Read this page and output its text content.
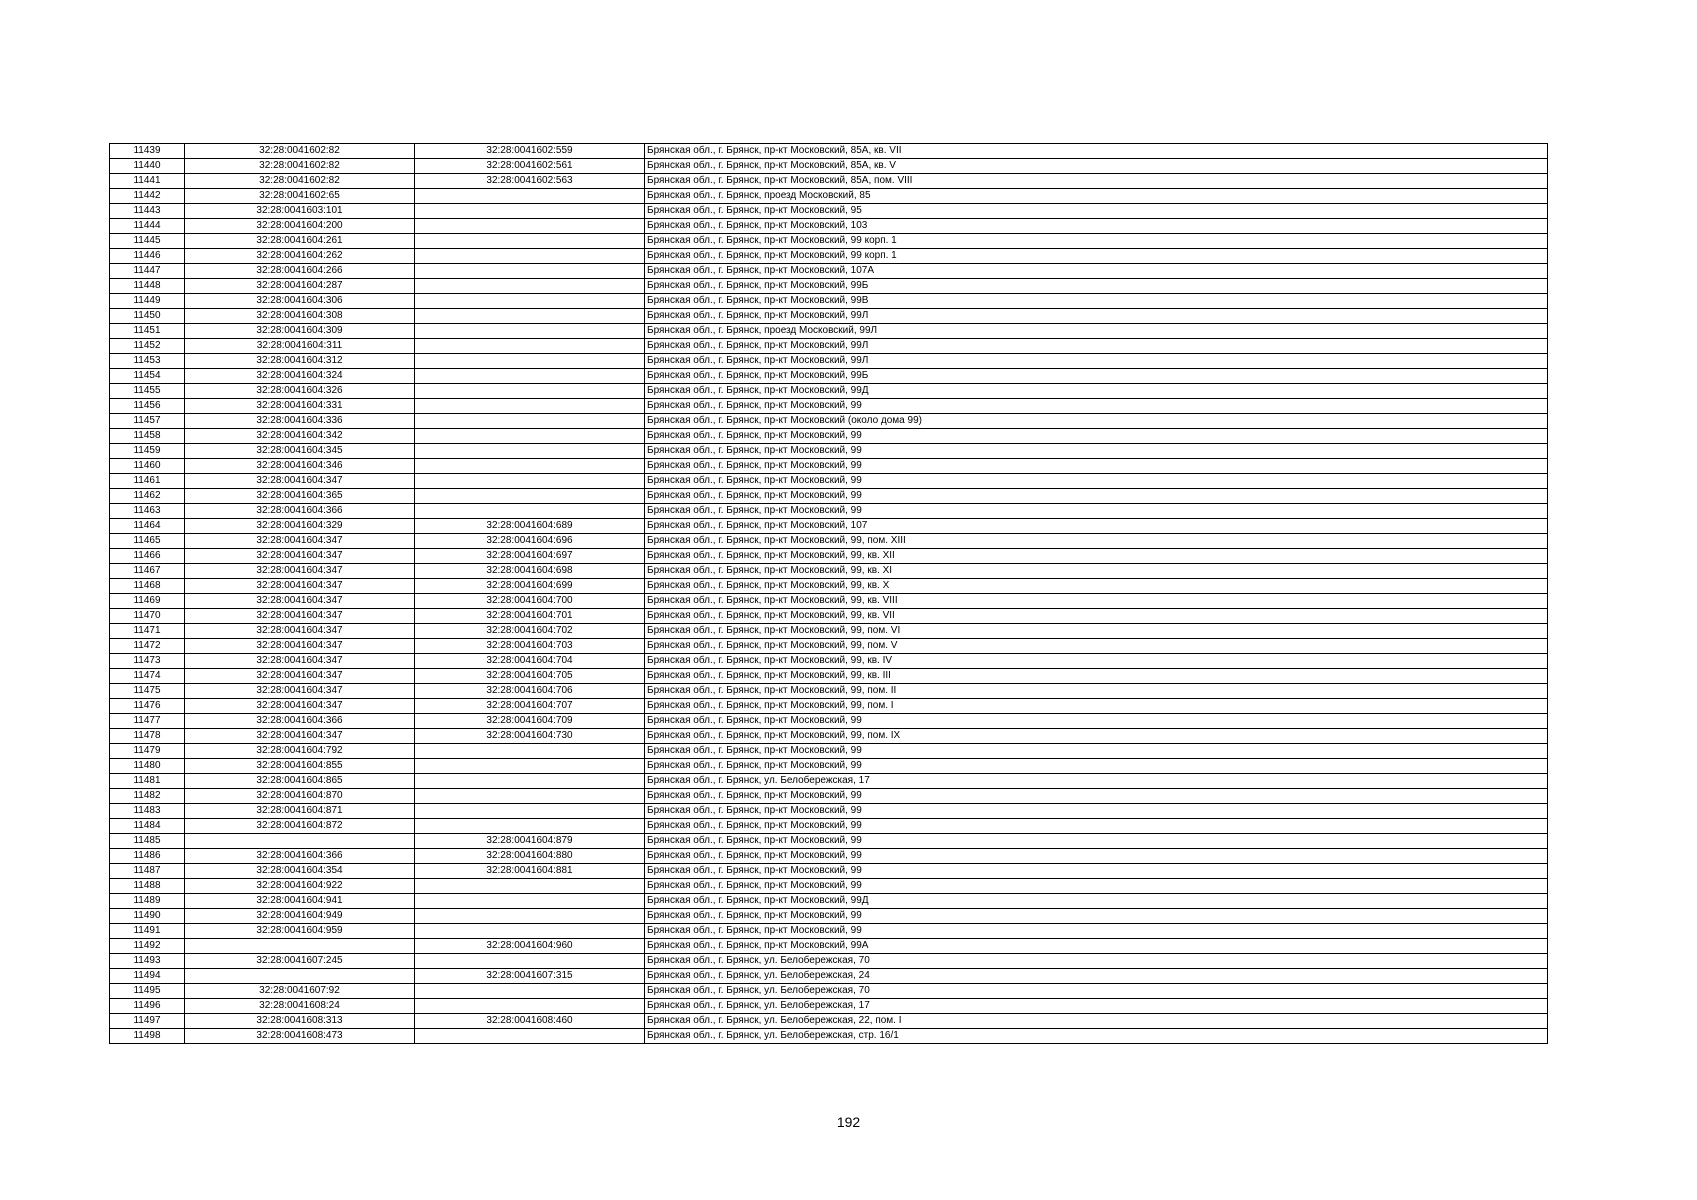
11439	32:28:0041602:82	32:28:0041602:559	Брянская обл., г. Брянск, пр-кт Московский, 85А, кв. VII
11440	32:28:0041602:82	32:28:0041602:561	Брянская обл., г. Брянск, пр-кт Московский, 85А, кв. V
11441	32:28:0041602:82	32:28:0041602:563	Брянская обл., г. Брянск, пр-кт Московский, 85А, пом. VIII
11442	32:28:0041602:65		Брянская обл., г. Брянск, проезд Московский, 85
11443	32:28:0041603:101		Брянская обл., г. Брянск, пр-кт Московский, 95
11444	32:28:0041604:200		Брянская обл., г. Брянск, пр-кт Московский, 103
11445	32:28:0041604:261		Брянская обл., г. Брянск, пр-кт Московский, 99 корп. 1
11446	32:28:0041604:262		Брянская обл., г. Брянск, пр-кт Московский, 99 корп. 1
11447	32:28:0041604:266		Брянская обл., г. Брянск, пр-кт Московский, 107А
11448	32:28:0041604:287		Брянская обл., г. Брянск, пр-кт Московский, 99Б
11449	32:28:0041604:306		Брянская обл., г. Брянск, пр-кт Московский, 99В
11450	32:28:0041604:308		Брянская обл., г. Брянск, пр-кт Московский, 99Л
11451	32:28:0041604:309		Брянская обл., г. Брянск, проезд Московский, 99Л
11452	32:28:0041604:311		Брянская обл., г. Брянск, пр-кт Московский, 99Л
11453	32:28:0041604:312		Брянская обл., г. Брянск, пр-кт Московский, 99Л
11454	32:28:0041604:324		Брянская обл., г. Брянск, пр-кт Московский, 99Б
11455	32:28:0041604:326		Брянская обл., г. Брянск, пр-кт Московский, 99Д
11456	32:28:0041604:331		Брянская обл., г. Брянск, пр-кт Московский, 99
11457	32:28:0041604:336		Брянская обл., г. Брянск, пр-кт Московский (около дома 99)
11458	32:28:0041604:342		Брянская обл., г. Брянск, пр-кт Московский, 99
11459	32:28:0041604:345		Брянская обл., г. Брянск, пр-кт Московский, 99
11460	32:28:0041604:346		Брянская обл., г. Брянск, пр-кт Московский, 99
11461	32:28:0041604:347		Брянская обл., г. Брянск, пр-кт Московский, 99
11462	32:28:0041604:365		Брянская обл., г. Брянск, пр-кт Московский, 99
11463	32:28:0041604:366		Брянская обл., г. Брянск, пр-кт Московский, 99
11464	32:28:0041604:329	32:28:0041604:689	Брянская обл., г. Брянск, пр-кт Московский, 107
11465	32:28:0041604:347	32:28:0041604:696	Брянская обл., г. Брянск, пр-кт Московский, 99, пом. XIII
11466	32:28:0041604:347	32:28:0041604:697	Брянская обл., г. Брянск, пр-кт Московский, 99, кв. XII
11467	32:28:0041604:347	32:28:0041604:698	Брянская обл., г. Брянск, пр-кт Московский, 99, кв. XI
11468	32:28:0041604:347	32:28:0041604:699	Брянская обл., г. Брянск, пр-кт Московский, 99, кв. X
11469	32:28:0041604:347	32:28:0041604:700	Брянская обл., г. Брянск, пр-кт Московский, 99, кв. VIII
11470	32:28:0041604:347	32:28:0041604:701	Брянская обл., г. Брянск, пр-кт Московский, 99, кв. VII
11471	32:28:0041604:347	32:28:0041604:702	Брянская обл., г. Брянск, пр-кт Московский, 99, пом. VI
11472	32:28:0041604:347	32:28:0041604:703	Брянская обл., г. Брянск, пр-кт Московский, 99, пом. V
11473	32:28:0041604:347	32:28:0041604:704	Брянская обл., г. Брянск, пр-кт Московский, 99, кв. IV
11474	32:28:0041604:347	32:28:0041604:705	Брянская обл., г. Брянск, пр-кт Московский, 99, кв. III
11475	32:28:0041604:347	32:28:0041604:706	Брянская обл., г. Брянск, пр-кт Московский, 99, пом. II
11476	32:28:0041604:347	32:28:0041604:707	Брянская обл., г. Брянск, пр-кт Московский, 99, пом. I
11477	32:28:0041604:366	32:28:0041604:709	Брянская обл., г. Брянск, пр-кт Московский, 99
11478	32:28:0041604:347	32:28:0041604:730	Брянская обл., г. Брянск, пр-кт Московский, 99, пом. IX
11479	32:28:0041604:792		Брянская обл., г. Брянск, пр-кт Московский, 99
11480	32:28:0041604:855		Брянская обл., г. Брянск, пр-кт Московский, 99
11481	32:28:0041604:865		Брянская обл., г. Брянск, ул. Белобережская, 17
11482	32:28:0041604:870		Брянская обл., г. Брянск, пр-кт Московский, 99
11483	32:28:0041604:871		Брянская обл., г. Брянск, пр-кт Московский, 99
11484	32:28:0041604:872		Брянская обл., г. Брянск, пр-кт Московский, 99
11485		32:28:0041604:879	Брянская обл., г. Брянск, пр-кт Московский, 99
11486	32:28:0041604:366	32:28:0041604:880	Брянская обл., г. Брянск, пр-кт Московский, 99
11487	32:28:0041604:354	32:28:0041604:881	Брянская обл., г. Брянск, пр-кт Московский, 99
11488	32:28:0041604:922		Брянская обл., г. Брянск, пр-кт Московский, 99
11489	32:28:0041604:941		Брянская обл., г. Брянск, пр-кт Московский, 99Д
11490	32:28:0041604:949		Брянская обл., г. Брянск, пр-кт Московский, 99
11491	32:28:0041604:959		Брянская обл., г. Брянск, пр-кт Московский, 99
11492		32:28:0041604:960	Брянская обл., г. Брянск, пр-кт Московский, 99А
11493	32:28:0041607:245		Брянская обл., г. Брянск, ул. Белобережская, 70
11494		32:28:0041607:315	Брянская обл., г. Брянск, ул. Белобережская, 24
11495	32:28:0041607:92		Брянская обл., г. Брянск, ул. Белобережская, 70
11496	32:28:0041608:24		Брянская обл., г. Брянск, ул. Белобережская, 17
11497	32:28:0041608:313	32:28:0041608:460	Брянская обл., г. Брянск, ул. Белобережская, 22, пом. I
11498	32:28:0041608:473		Брянская обл., г. Брянск, ул. Белобережская, стр. 16/1
192
